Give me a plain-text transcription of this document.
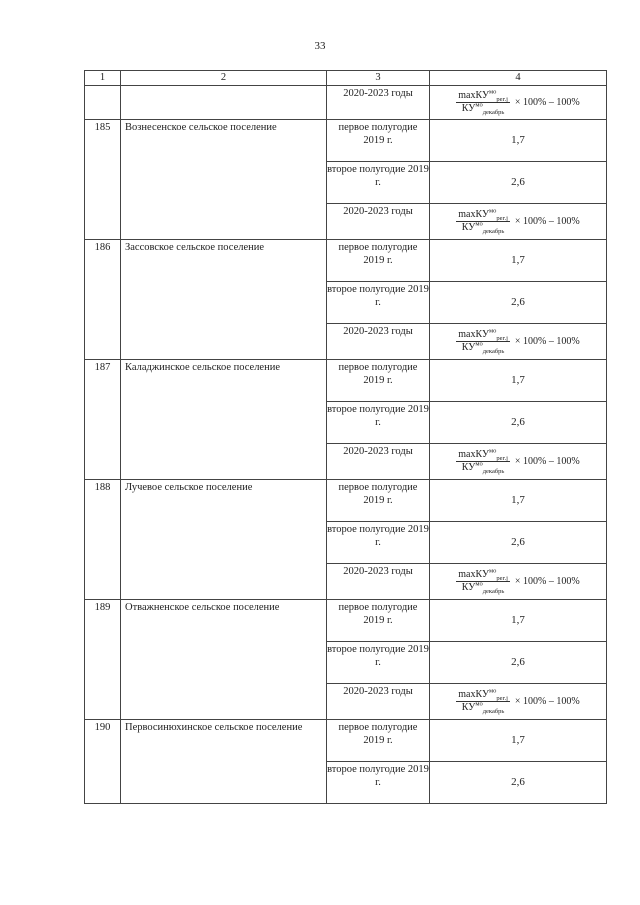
33
1	2	3	4
		2020-2023 годы	$\frac{\max КУ^{мо}_{рег.j}}{КУ^{мо}_{декабрь}} \times 100\% - 100\%$

185	Вознесенское сельское поселение	первое полугодие 2019 г.	1,7
		второе полугодие 2019 г.	2,6
		2020-2023 годы	$\frac{\max КУ^{мо}_{рег.j}}{КУ^{мо}_{декабрь}} \times 100\% - 100\%$

186	Зассовское сельское поселение	первое полугодие 2019 г.	1,7
		второе полугодие 2019 г.	2,6
		2020-2023 годы	$\frac{\max КУ^{мо}_{рег.j}}{КУ^{мо}_{декабрь}} \times 100\% - 100\%$

187	Каладжинское сельское поселение	первое полугодие 2019 г.	1,7
		второе полугодие 2019 г.	2,6
		2020-2023 годы	$\frac{\max КУ^{мо}_{рег.j}}{КУ^{мо}_{декабрь}} \times 100\% - 100\%$

188	Лучевое сельское поселение	первое полугодие 2019 г.	1,7
		второе полугодие 2019 г.	2,6
		2020-2023 годы	$\frac{\max КУ^{мо}_{рег.j}}{КУ^{мо}_{декабрь}} \times 100\% - 100\%$

189	Отважненское сельское поселение	первое полугодие 2019 г.	1,7
		второе полугодие 2019 г.	2,6
		2020-2023 годы	$\frac{\max КУ^{мо}_{рег.j}}{КУ^{мо}_{декабрь}} \times 100\% - 100\%$

190	Первосинюхинское сельское поселение	первое полугодие 2019 г.	1,7
		второе полугодие 2019 г.	2,6
